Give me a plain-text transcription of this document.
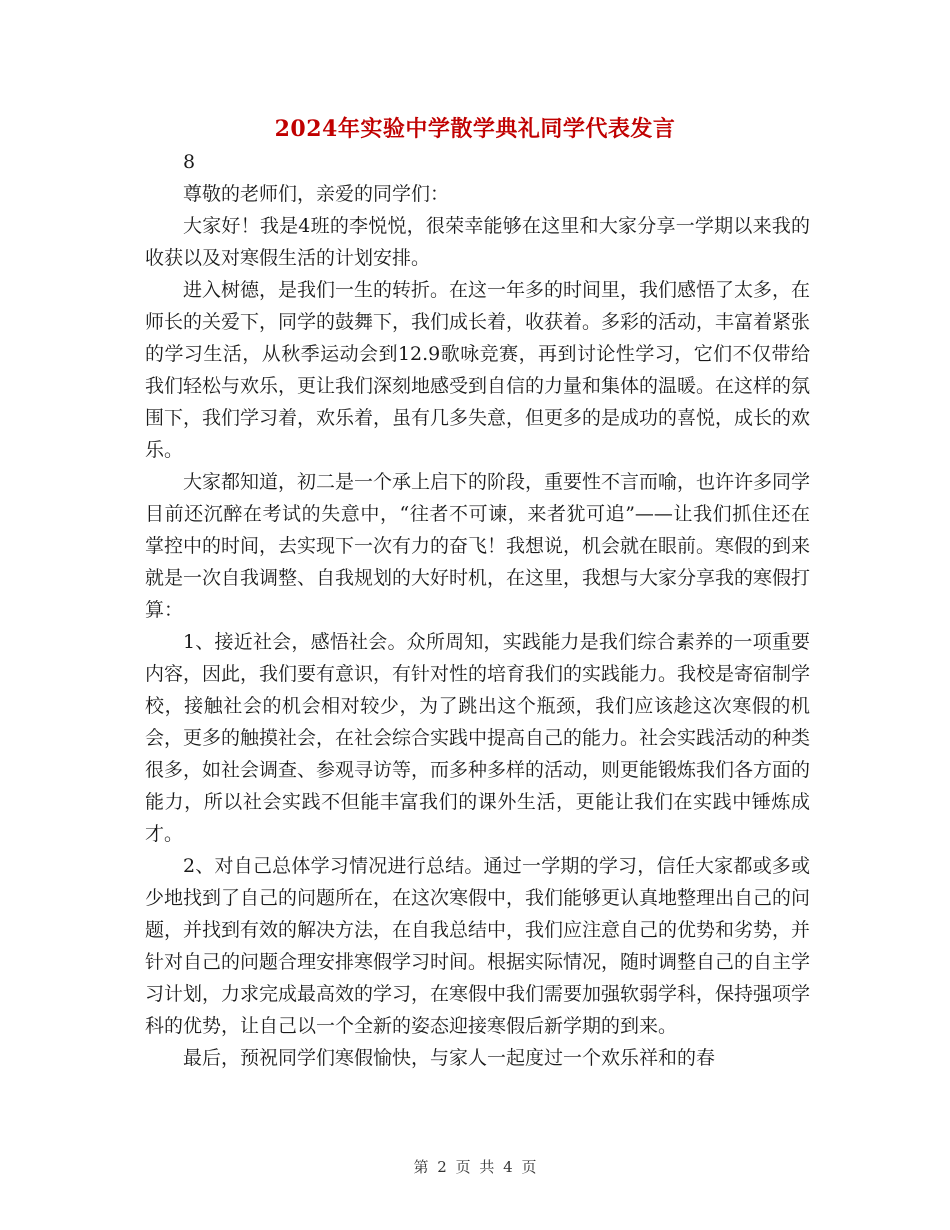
2024年实验中学散学典礼同学代表发言

8

尊敬的老师们，亲爱的同学们：

大家好！我是4班的李悦悦，很荣幸能够在这里和大家分享一学期以来我的收获以及对寒假生活的计划安排。

进入树德，是我们一生的转折。在这一年多的时间里，我们感悟了太多，在师长的关爱下，同学的鼓舞下，我们成长着，收获着。多彩的活动，丰富着紧张的学习生活，从秋季运动会到12.9歌咏竞赛，再到讨论性学习，它们不仅带给我们轻松与欢乐，更让我们深刻地感受到自信的力量和集体的温暖。在这样的氛围下，我们学习着，欢乐着，虽有几多失意，但更多的是成功的喜悦，成长的欢乐。

大家都知道，初二是一个承上启下的阶段，重要性不言而喻，也许许多同学目前还沉醉在考试的失意中，“往者不可谏，来者犹可追”——让我们抓住还在掌控中的时间，去实现下一次有力的奋飞！我想说，机会就在眼前。寒假的到来就是一次自我调整、自我规划的大好时机，在这里，我想与大家分享我的寒假打算：

1、接近社会，感悟社会。众所周知，实践能力是我们综合素养的一项重要内容，因此，我们要有意识，有针对性的培育我们的实践能力。我校是寄宿制学校，接触社会的机会相对较少，为了跳出这个瓶颈，我们应该趁这次寒假的机会，更多的触摸社会，在社会综合实践中提高自己的能力。社会实践活动的种类很多，如社会调查、参观寻访等，而多种多样的活动，则更能锻炼我们各方面的能力，所以社会实践不但能丰富我们的课外生活，更能让我们在实践中锤炼成才。

2、对自己总体学习情况进行总结。通过一学期的学习，信任大家都或多或少地找到了自己的问题所在，在这次寒假中，我们能够更认真地整理出自己的问题，并找到有效的解决方法，在自我总结中，我们应注意自己的优势和劣势，并针对自己的问题合理安排寒假学习时间。根据实际情况，随时调整自己的自主学习计划，力求完成最高效的学习，在寒假中我们需要加强软弱学科，保持强项学科的优势，让自己以一个全新的姿态迎接寒假后新学期的到来。

最后，预祝同学们寒假愉快，与家人一起度过一个欢乐祥和的春

第 2 页 共 4 页
